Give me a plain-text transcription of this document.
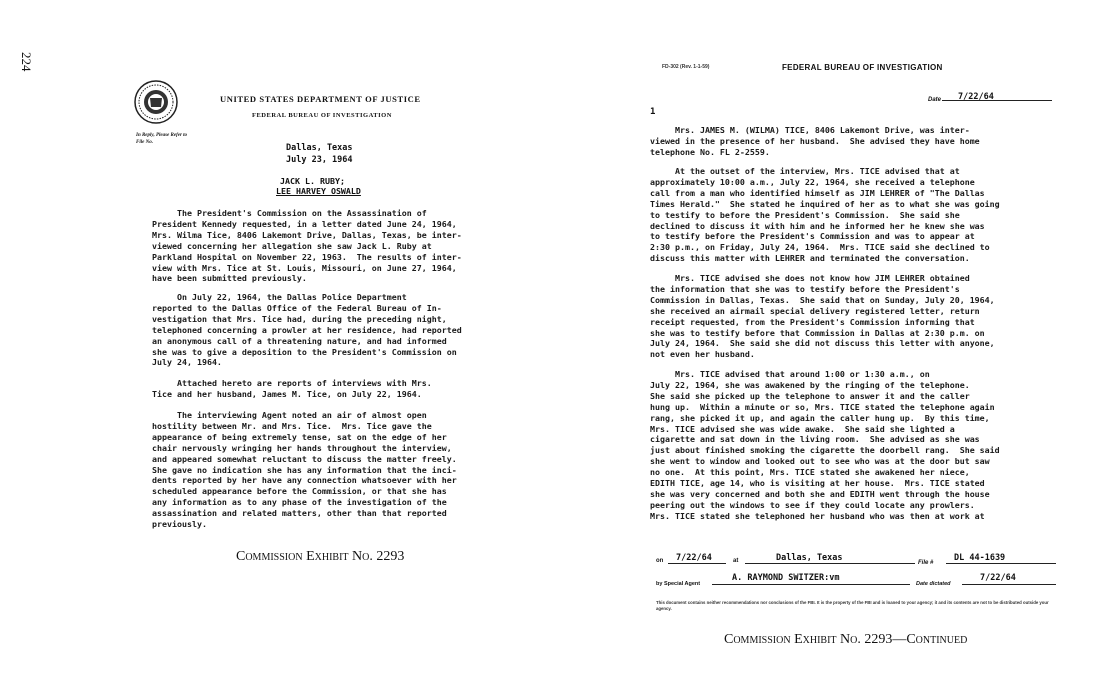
224
UNITED STATES DEPARTMENT OF JUSTICE
FEDERAL BUREAU OF INVESTIGATION
In Reply, Please Refer to
File No.
Dallas, Texas
July 23, 1964
JACK L. RUBY;
LEE HARVEY OSWALD
The President's Commission on the Assassination of
President Kennedy requested, in a letter dated June 24, 1964,
Mrs. Wilma Tice, 8406 Lakemont Drive, Dallas, Texas, be inter-
viewed concerning her allegation she saw Jack L. Ruby at
Parkland Hospital on November 22, 1963.  The results of inter-
view with Mrs. Tice at St. Louis, Missouri, on June 27, 1964,
have been submitted previously.
On July 22, 1964, the Dallas Police Department
reported to the Dallas Office of the Federal Bureau of In-
vestigation that Mrs. Tice had, during the preceding night,
telephoned concerning a prowler at her residence, had reported
an anonymous call of a threatening nature, and had informed
she was to give a deposition to the President's Commission on
July 24, 1964.
Attached hereto are reports of interviews with Mrs.
Tice and her husband, James M. Tice, on July 22, 1964.
The interviewing Agent noted an air of almost open
hostility between Mr. and Mrs. Tice.  Mrs. Tice gave the
appearance of being extremely tense, sat on the edge of her
chair nervously wringing her hands throughout the interview,
and appeared somewhat reluctant to discuss the matter freely.
She gave no indication she has any information that the inci-
dents reported by her have any connection whatsoever with her
scheduled appearance before the Commission, or that she has
any information as to any phase of the investigation of the
assassination and related matters, other than that reported
previously.
Commission Exhibit No. 2293
FD-302 (Rev. 1-1-59)	FEDERAL BUREAU OF INVESTIGATION
Date 7/22/64
1
Mrs. JAMES M. (WILMA) TICE, 8406 Lakemont Drive, was inter-
viewed in the presence of her husband.  She advised they have home
telephone No. FL 2-2559.
At the outset of the interview, Mrs. TICE advised that at
approximately 10:00 a.m., July 22, 1964, she received a telephone
call from a man who identified himself as JIM LEHRER of "The Dallas
Times Herald."  She stated he inquired of her as to what she was going
to testify to before the President's Commission.  She said she
declined to discuss it with him and he informed her he knew she was
to testify before the President's Commission and was to appear at
2:30 p.m., on Friday, July 24, 1964.  Mrs. TICE said she declined to
discuss this matter with LEHRER and terminated the conversation.
Mrs. TICE advised she does not know how JIM LEHRER obtained
the information that she was to testify before the President's
Commission in Dallas, Texas.  She said that on Sunday, July 20, 1964,
she received an airmail special delivery registered letter, return
receipt requested, from the President's Commission informing that
she was to testify before that Commission in Dallas at 2:30 p.m. on
July 24, 1964.  She said she did not discuss this letter with anyone,
not even her husband.
Mrs. TICE advised that around 1:00 or 1:30 a.m., on
July 22, 1964, she was awakened by the ringing of the telephone.
She said she picked up the telephone to answer it and the caller
hung up.  Within a minute or so, Mrs. TICE stated the telephone again
rang, she picked it up, and again the caller hung up.  By this time,
Mrs. TICE advised she was wide awake.  She said she lighted a
cigarette and sat down in the living room.  She advised as she was
just about finished smoking the cigarette the doorbell rang.  She said
she went to window and looked out to see who was at the door but saw
no one.  At this point, Mrs. TICE stated she awakened her niece,
EDITH TICE, age 14, who is visiting at her house.  Mrs. TICE stated
she was very concerned and both she and EDITH went through the house
peering out the windows to see if they could locate any prowlers.
Mrs. TICE stated she telephoned her husband who was then at work at
on 7/22/64	at	Dallas, Texas	File # DL 44-1639
by Special Agent
A. RAYMOND SWITZER:vm
Date dictated
7/22/64
This document contains neither recommendations nor conclusions of the FBI. It is the property of the FBI and is loaned to your agency; it and its contents are not to be distributed outside your agency.
Commission Exhibit No. 2293—Continued
